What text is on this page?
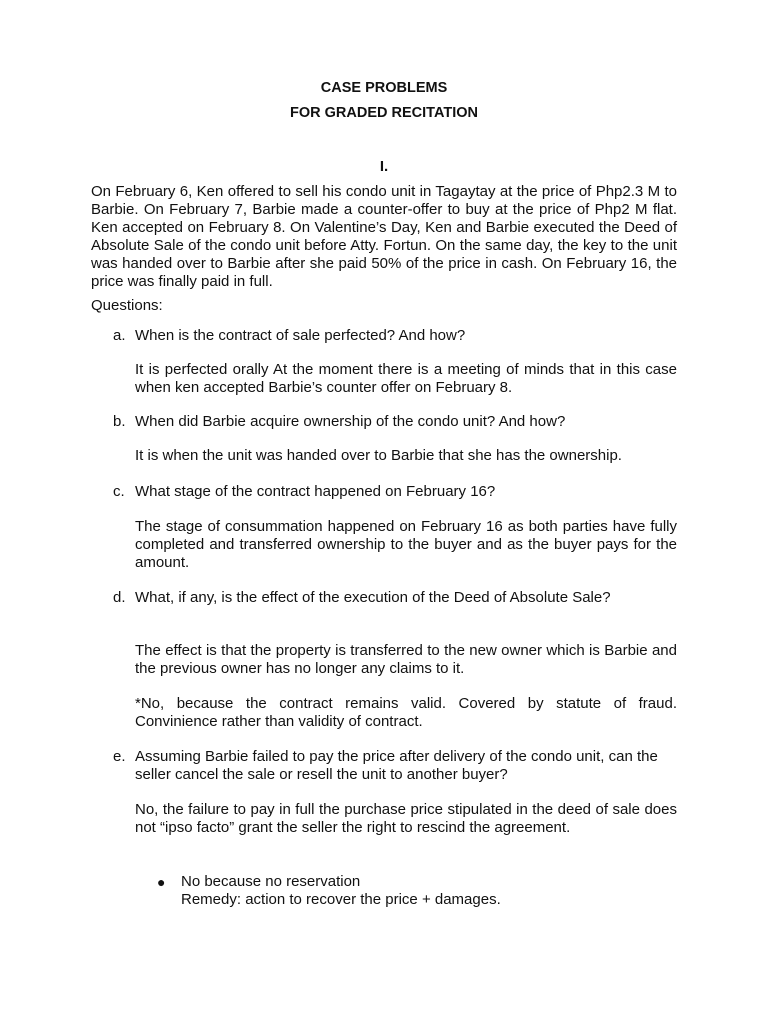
CASE PROBLEMS
FOR GRADED RECITATION
I.
On February 6, Ken offered to sell his condo unit in Tagaytay at the price of Php2.3 M to Barbie. On February 7, Barbie made a counter-offer to buy at the price of Php2 M flat. Ken accepted on February 8. On Valentine’s Day, Ken and Barbie executed the Deed of Absolute Sale of the condo unit before Atty. Fortun. On the same day, the key to the unit was handed over to Barbie after she paid 50% of the price in cash. On February 16, the price was finally paid in full.
Questions:
a. When is the contract of sale perfected? And how?
It is perfected orally At the moment there is a meeting of minds that in this case when ken accepted Barbie’s counter offer on February 8.
b. When did Barbie acquire ownership of the condo unit? And how?
It is when the unit was handed over to Barbie that she has the ownership.
c. What stage of the contract happened on February 16?
The stage of consummation happened on February 16 as both parties have fully completed and transferred ownership to the buyer and as the buyer pays for the amount.
d. What, if any, is the effect of the execution of the Deed of Absolute Sale?
The effect is that the property is transferred to the new owner which is Barbie and the previous owner has no longer any claims to it.
*No, because the contract remains valid. Covered by statute of fraud. Convinience rather than validity of contract.
e. Assuming Barbie failed to pay the price after delivery of the condo unit, can the seller cancel the sale or resell the unit to another buyer?
No, the failure to pay in full the purchase price stipulated in the deed of sale does not “ipso facto” grant the seller the right to rescind the agreement.
●	No because no reservation
Remedy: action to recover the price + damages.
